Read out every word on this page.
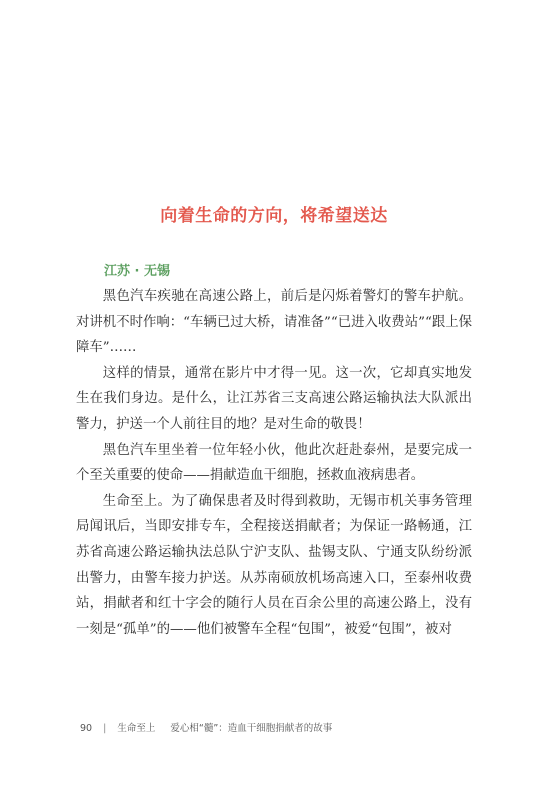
向着生命的方向，将希望送达
江苏 · 无锡

黑色汽车疾驰在高速公路上，前后是闪烁着警灯的警车护航。对讲机不时作响：“车辆已过大桥，请准备”“已进入收费站”“跟上保障车”……

这样的情景，通常在影片中才得一见。这一次，它却真实地发生在我们身边。是什么，让江苏省三支高速公路运输执法大队派出警力，护送一个人前往目的地？是对生命的敬畏！

黑色汽车里坐着一位年轻小伙，他此次赶赴泰州，是要完成一个至关重要的使命——捐献造血干细胞，拯救血液病患者。

生命至上。为了确保患者及时得到救助，无锡市机关事务管理局闻讯后，当即安排专车，全程接送捐献者；为保证一路畅通，江苏省高速公路运输执法总队宁沪支队、盐锡支队、宁通支队纷纷派出警力，由警车接力护送。从苏南硕放机场高速入口，至泰州收费站，捐献者和红十字会的随行人员在百余公里的高速公路上，没有一刻是“孤单”的——他们被警车全程“包围”，被爱“包围”，被对

90 | 生命至上 爱心相“髓”：造血干细胞捐献者的故事
